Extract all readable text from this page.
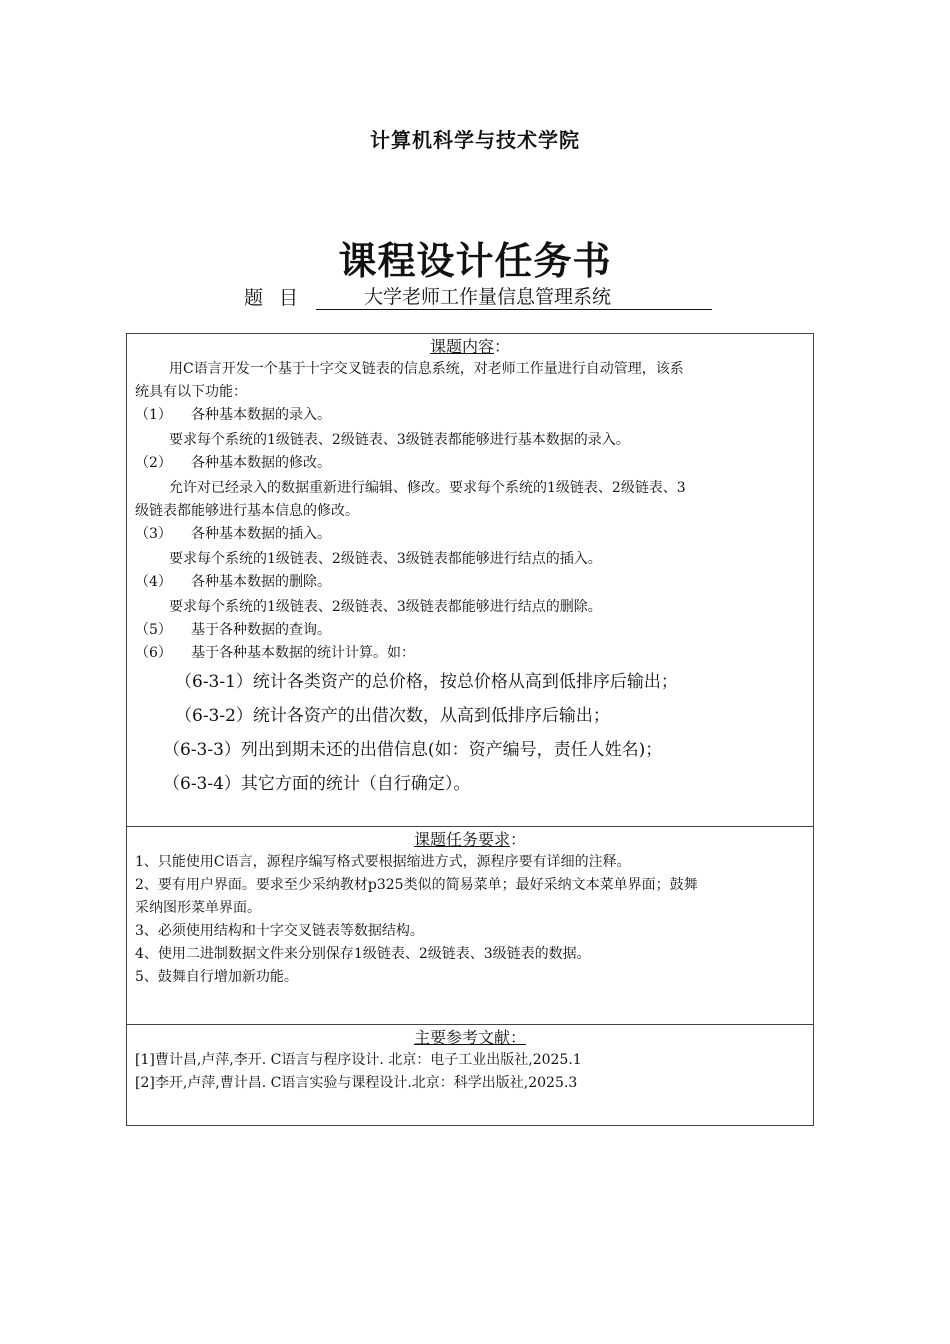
计算机科学与技术学院
课程设计任务书
题目	大学老师工作量信息管理系统
课题内容：
用C语言开发一个基于十字交叉链表的信息系统，对老师工作量进行自动管理，该系
统具有以下功能：
（1） 各种基本数据的录入。
要求每个系统的1级链表、2级链表、3级链表都能够进行基本数据的录入。
（2） 各种基本数据的修改。
允许对已经录入的数据重新进行编辑、修改。要求每个系统的1级链表、2级链表、3
级链表都能够进行基本信息的修改。
（3） 各种基本数据的插入。
要求每个系统的1级链表、2级链表、3级链表都能够进行结点的插入。
（4） 各种基本数据的删除。
要求每个系统的1级链表、2级链表、3级链表都能够进行结点的删除。
（5） 基于各种数据的查询。
（6） 基于各种基本数据的统计计算。如：
（6-3-1）统计各类资产的总价格，按总价格从高到低排序后输出；
（6-3-2）统计各资产的出借次数，从高到低排序后输出；
（6-3-3）列出到期未还的出借信息(如：资产编号，责任人姓名)；
（6-3-4）其它方面的统计（自行确定）。
课题任务要求：
1、只能使用C语言，源程序编写格式要根据缩进方式，源程序要有详细的注释。
2、要有用户界面。要求至少采纳教材p325类似的简易菜单；最好采纳文本菜单界面；鼓舞
采纳图形菜单界面。
3、必须使用结构和十字交叉链表等数据结构。
4、使用二进制数据文件来分别保存1级链表、2级链表、3级链表的数据。
5、鼓舞自行增加新功能。
主要参考文献：
[1]曹计昌,卢萍,李开. C语言与程序设计. 北京：电子工业出版社,2025.1
[2]李开,卢萍,曹计昌. C语言实验与课程设计.北京：科学出版社,2025.3
